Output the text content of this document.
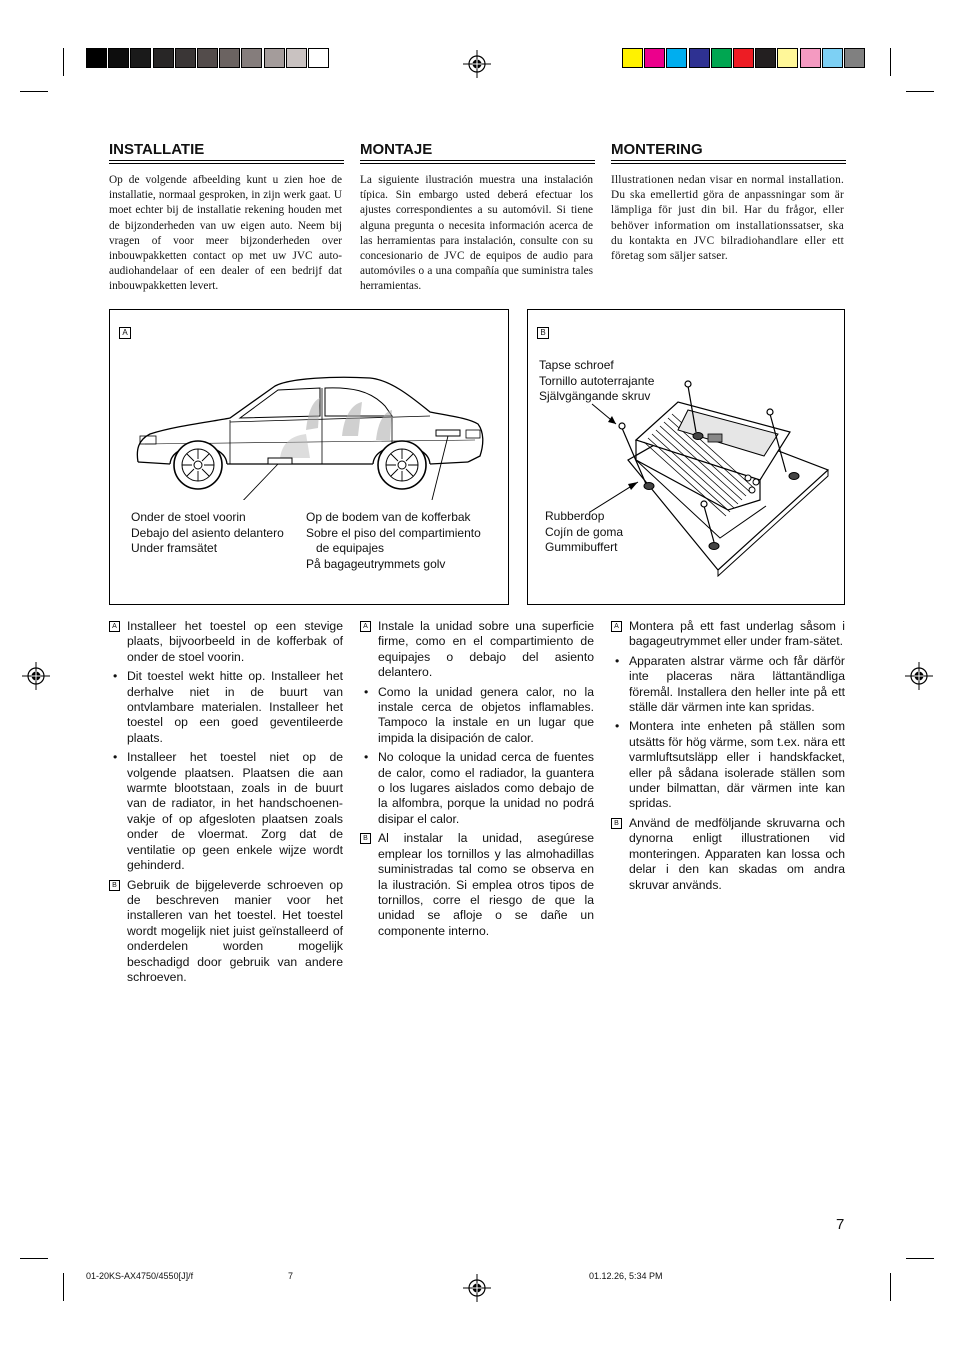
INSTALLATIE	MONTAJE	MONTERING
Op de volgende afbeelding kunt u zien hoe de installatie, normaal gesproken, in zijn werk gaat. U moet echter bij de installatie rekening houden met de bijzonderheden van uw eigen auto. Neem bij vragen of voor meer bijzonderheden over inbouwpakketten contact op met uw JVC auto-audiohandelaar of een dealer of een bedrijf dat inbouwpakketten levert.
La siguiente ilustración muestra una instalación típica. Sin embargo usted deberá efectuar los ajustes correspondientes a su automóvil. Si tiene alguna pregunta o necesita información acerca de las herramientas para instalación, consulte con su concesionario de JVC de equipos de audio para automóviles o a una compañía que suministra tales herramientas.
Illustrationen nedan visar en normal installation. Du ska emellertid göra de anpassningar som är lämpliga för just din bil. Har du frågor, eller behöver information om installationssatser, ska du kontakta en JVC bilradiohandlare eller ett företag som säljer satser.
A
Onder de stoel voorin
Debajo del asiento delantero
Under framsätet
Op de bodem van de kofferbak
Sobre el piso del compartimiento
de equipajes
På bagageutrymmets golv
B
Tapse schroef
Tornillo autoterrajante
Självgängande skruv
Rubberdop
Cojín de goma
Gummibuffert
A Installeer het toestel op een stevige plaats, bijvoorbeeld in de kofferbak of onder de stoel voorin.
• Dit toestel wekt hitte op. Installeer het derhalve niet in de buurt van ontvlambare materialen. Installeer het toestel op een goed geventileerde plaats.
• Installeer het toestel niet op de volgende plaatsen. Plaatsen die aan warmte blootstaan, zoals in de buurt van de radiator, in het handschoenen-vakje of op afgesloten plaatsen zoals onder de vloermat. Zorg dat de ventilatie op geen enkele wijze wordt gehinderd.
B Gebruik de bijgeleverde schroeven op de beschreven manier voor het installeren van het toestel. Het toestel wordt mogelijk niet juist geïnstalleerd of onderdelen worden mogelijk beschadigd door gebruik van andere schroeven.
A Instale la unidad sobre una superficie firme, como en el compartimiento de equipajes o debajo del asiento delantero.
• Como la unidad genera calor, no la instale cerca de objetos inflamables. Tampoco la instale en un lugar que impida la disipación de calor.
• No coloque la unidad cerca de fuentes de calor, como el radiador, la guantera o los lugares aislados como debajo de la alfombra, porque la unidad no podrá disipar el calor.
B Al instalar la unidad, asegúrese emplear los tornillos y las almohadillas suministradas tal como se observa en la ilustración. Si emplea otros tipos de tornillos, corre el riesgo de que la unidad se afloje o se dañe un componente interno.
A Montera på ett fast underlag såsom i bagageutrymmet eller under fram-sätet.
• Apparaten alstrar värme och får därför inte placeras nära lättantändliga föremål. Installera den heller inte på ett ställe där värmen inte kan spridas.
• Montera inte enheten på ställen som utsätts för hög värme, som t.ex. nära ett varmluftsutsläpp eller i handskfacket, eller på sådana isolerade ställen som under bilmattan, där värmen inte kan spridas.
B Använd de medföljande skruvarna och dynorna enligt illustrationen vid monteringen. Apparaten kan lossa och delar i den kan skadas om andra skruvar används.
7
01-20KS-AX4750/4550[J]/f	7	01.12.26, 5:34 PM
